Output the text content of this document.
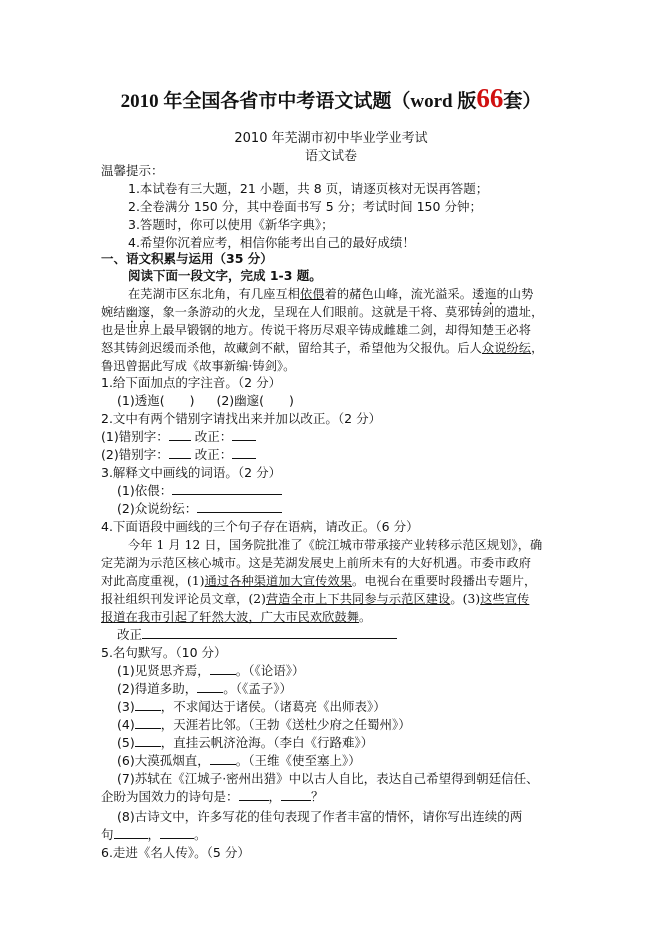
2010 年全国各省市中考语文试题（word 版66套）
2010 年芜湖市初中毕业学业考试
语文试卷
温馨提示：
1.本试卷有三大题，21 小题，共 8 页，请逐页核对无误再答题；
2.全卷满分 150 分，其中卷面书写 5 分；考试时间 150 分钟；
3.答题时，你可以使用《新华字典》；
4.希望你沉着应考，相信你能考出自己的最好成绩！
一、语文积累与运用（35 分）
阅读下面一段文字，完成 1-3 题。
在芜湖市区东北角，有几座互相依偎着的赭色山峰，流光溢采。逶迤的山势
婉结幽邃，象一条游动的火龙，呈现在人们眼前。这就是干将、莫邪铸剑的遗址，
也是世界上最早锻钢的地方。传说干将历尽艰辛铸成雌雄二剑，却得知楚王必将
怒其铸剑迟缓而杀他，故藏剑不献，留给其子，希望他为父报仇。后人众说纷纭，
鲁迅曾据此写成《故事新编·铸剑》。
1.给下面加点的字注音。（2 分）
(1)透迤(　　) (2)幽邃(　　)
2.文中有两个错别字请找出来并加以改正。（2 分）
(1)错别字： 改正：
(2)错别字： 改正：
3.解释文中画线的词语。（2 分）
(1)依偎：
(2)众说纷纭：
4.下面语段中画线的三个句子存在语病，请改正。（6 分）
今年 1 月 12 日，国务院批准了《皖江城市带承接产业转移示范区规划》，确
定芜湖为示范区核心城市。这是芜湖发展史上前所未有的大好机遇。市委市政府
对此高度重视，(1)通过各种渠道加大宣传效果。电视台在重要时段播出专题片，
报社组织刊发评论员文章，(2)营造全市上下共同参与示范区建设。(3)这些宣传
报道在我市引起了轩然大波，广大市民欢欣鼓舞。
改正
5.名句默写。（10 分）
(1)见贤思齐焉， 。（《论语》）
(2)得道多助， 。（《孟子》）
(3) ，不求闻达于诸侯。（诸葛亮《出师表》）
(4) ，天涯若比邻。（王勃《送杜少府之任蜀州》）
(5) ，直挂云帆济沧海。（李白《行路难》）
(6)大漠孤烟直， 。（王维《使至塞上》）
(7)苏轼在《江城子·密州出猎》中以古人自比，表达自己希望得到朝廷信任、
企盼为国效力的诗句是： ， ？
(8)古诗文中，许多写花的佳句表现了作者丰富的情怀，请你写出连续的两
句	，	。
6.走进《名人传》。（5 分）
